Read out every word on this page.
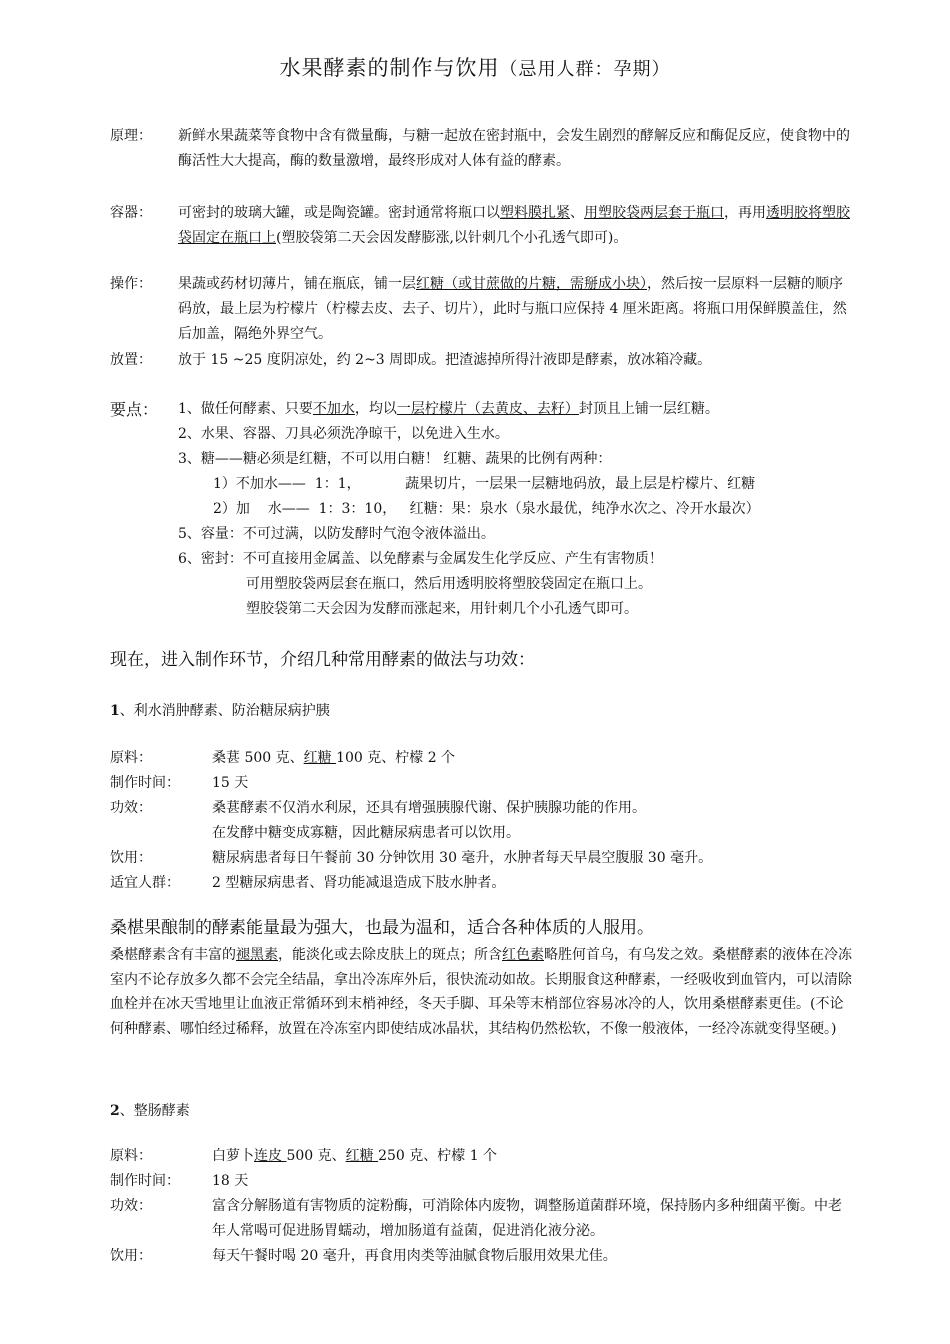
水果酵素的制作与饮用（忌用人群：孕期）
原理： 新鲜水果蔬菜等食物中含有微量酶，与糖一起放在密封瓶中，会发生剧烈的酵解反应和酶促反应，使食物中的酶活性大大提高，酶的数量激增，最终形成对人体有益的酵素。
容器： 可密封的玻璃大罐，或是陶瓷罐。密封通常将瓶口以塑料膜扎紧、用塑胶袋两层套于瓶口，再用透明胶将塑胶袋固定在瓶口上(塑胶袋第二天会因发酵膨涨,以针刺几个小孔透气即可)。
操作： 果蔬或药材切薄片，铺在瓶底，铺一层红糖（或甘蔗做的片糖，需掰成小块），然后按一层原料一层糖的顺序码放，最上层为柠檬片（柠檬去皮、去子、切片），此时与瓶口应保持 4 厘米距离。将瓶口用保鲜膜盖住，然后加盖，隔绝外界空气。
放置： 放于 15 ~25 度阴凉处，约 2~3 周即成。把渣滤掉所得汁液即是酵素，放冰箱冷藏。
要点： 1、做任何酵素、只要不加水，均以一层柠檬片（去黄皮、去籽）封顶且上铺一层红糖。
2、水果、容器、刀具必须洗净晾干，以免进入生水。
3、糖——糖必须是红糖，不可以用白糖！ 红糖、蔬果的比例有两种：
1）不加水——  1：1，          蔬果切片，一层果一层糖地码放，最上层是柠檬片、红糖
2）加    水——  1：3：10，   红糖：果：泉水（泉水最优，纯净水次之、冷开水最次）
5、容量：不可过满，以防发酵时气泡令液体溢出。
6、密封：不可直接用金属盖、以免酵素与金属发生化学反应、产生有害物质！
可用塑胶袋两层套在瓶口，然后用透明胶将塑胶袋固定在瓶口上。
塑胶袋第二天会因为发酵而涨起来，用针刺几个小孔透气即可。
现在，进入制作环节，介绍几种常用酵素的做法与功效：
1、利水消肿酵素、防治糖尿病护胰
原料：	桑葚 500 克、红糖 100 克、柠檬 2 个
制作时间： 15 天
功效：	桑葚酵素不仅消水利尿，还具有增强胰腺代谢、保护胰腺功能的作用。
在发酵中糖变成寡糖，因此糖尿病患者可以饮用。
饮用：	糖尿病患者每日午餐前 30 分钟饮用 30 毫升，水肿者每天早晨空腹服 30 毫升。
适宜人群： 2 型糖尿病患者、肾功能减退造成下肢水肿者。
桑椹果酿制的酵素能量最为强大，也最为温和，适合各种体质的人服用。
桑椹酵素含有丰富的褪黑素，能淡化或去除皮肤上的斑点；所含红色素略胜何首乌，有乌发之效。桑椹酵素的液体在冷冻室内不论存放多久都不会完全结晶，拿出冷冻库外后，很快流动如故。长期服食这种酵素，一经吸收到血管内，可以清除血栓并在冰天雪地里让血液正常循环到末梢神经，冬天手脚、耳朵等末梢部位容易冰冷的人，饮用桑椹酵素更佳。(不论何种酵素、哪怕经过稀释，放置在冷冻室内即使结成冰晶状，其结构仍然松软，不像一般液体，一经冷冻就变得坚硬。)
2、整肠酵素
原料：	白萝卜连皮 500 克、红糖 250 克、柠檬 1 个
制作时间： 18 天
功效：	富含分解肠道有害物质的淀粉酶，可消除体内废物，调整肠道菌群环境，保持肠内多种细菌平衡。中老年人常喝可促进肠胃蠕动，增加肠道有益菌，促进消化液分泌。
饮用：	每天午餐时喝 20 毫升，再食用肉类等油腻食物后服用效果尤佳。
